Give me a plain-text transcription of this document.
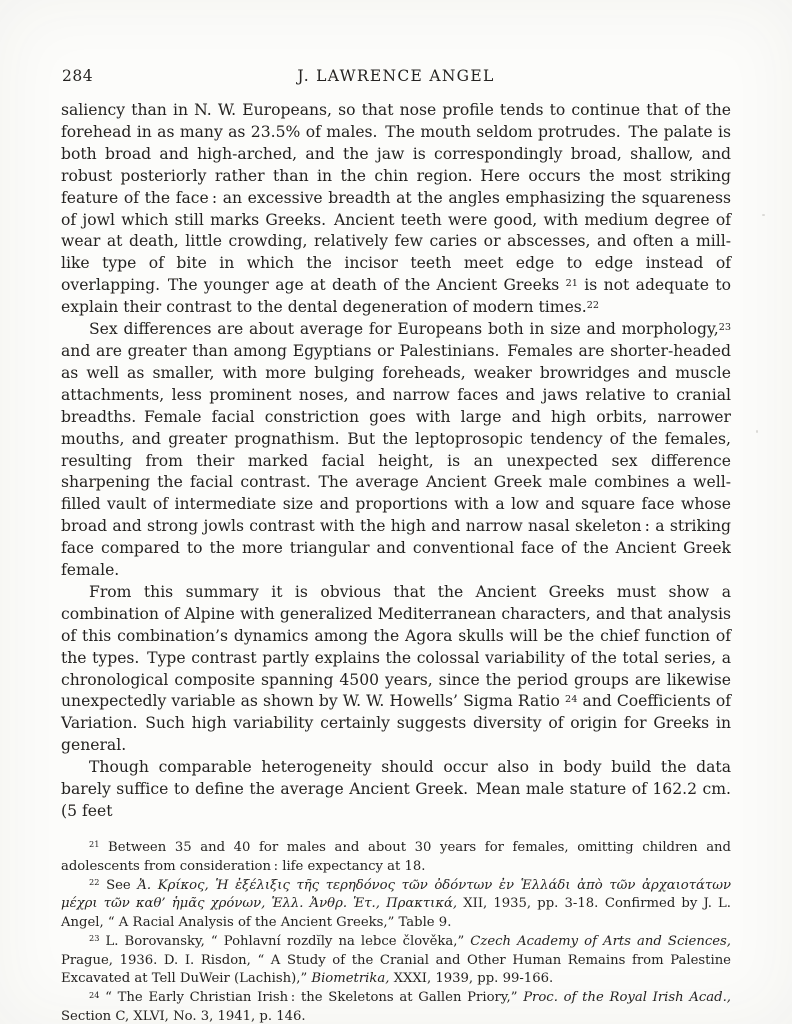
284	J. LAWRENCE ANGEL

saliency than in N. W. Europeans, so that nose profile tends to continue that of the forehead in as many as 23.5% of males. The mouth seldom protrudes. The palate is both broad and high-arched, and the jaw is correspondingly broad, shallow, and robust posteriorly rather than in the chin region. Here occurs the most striking feature of the face : an excessive breadth at the angles emphasizing the squareness of jowl which still marks Greeks. Ancient teeth were good, with medium degree of wear at death, little crowding, relatively few caries or abscesses, and often a mill-like type of bite in which the incisor teeth meet edge to edge instead of overlapping. The younger age at death of the Ancient Greeks $^{21}$ is not adequate to explain their contrast to the dental degeneration of modern times.$^{22}$

Sex differences are about average for Europeans both in size and morphology,$^{23}$ and are greater than among Egyptians or Palestinians. Females are shorter-headed as well as smaller, with more bulging foreheads, weaker browridges and muscle attachments, less prominent noses, and narrow faces and jaws relative to cranial breadths. Female facial constriction goes with large and high orbits, narrower mouths, and greater prognathism. But the leptoprosopic tendency of the females, resulting from their marked facial height, is an unexpected sex difference sharpening the facial contrast. The average Ancient Greek male combines a well-filled vault of intermediate size and proportions with a low and square face whose broad and strong jowls contrast with the high and narrow nasal skeleton : a striking face compared to the more triangular and conventional face of the Ancient Greek female.

From this summary it is obvious that the Ancient Greeks must show a combination of Alpine with generalized Mediterranean characters, and that analysis of this combination’s dynamics among the Agora skulls will be the chief function of the types. Type contrast partly explains the colossal variability of the total series, a chronological composite spanning 4500 years, since the period groups are likewise unexpectedly variable as shown by W. W. Howells’ Sigma Ratio $^{24}$ and Coefficients of Variation. Such high variability certainly suggests diversity of origin for Greeks in general.

Though comparable heterogeneity should occur also in body build the data barely suffice to define the average Ancient Greek. Mean male stature of 162.2 cm. (5 feet

$^{21}$ Between 35 and 40 for males and about 30 years for females, omitting children and adolescents from consideration : life expectancy at 18.

$^{22}$ See Ἀ. Κρίκος, Ἡ ἐξέλιξις τῆς τερηδόνος τῶν ὀδόντων ἐν Ἑλλάδι ἀπὸ τῶν ἀρχαιοτάτων μέχρι τῶν καθ’ ἡμᾶς χρόνων, Ἑλλ. Ἀνθρ. Ἑτ., Πρακτικά, XII, 1935, pp. 3-18. Confirmed by J. L. Angel, “ A Racial Analysis of the Ancient Greeks,” Table 9.

$^{23}$ L. Borovansky, “ Pohlavní rozdĭly na lebce člověka,” Czech Academy of Arts and Sciences, Prague, 1936. D. I. Risdon, “ A Study of the Cranial and Other Human Remains from Palestine Excavated at Tell DuWeir (Lachish),” Biometrika, XXXI, 1939, pp. 99-166.

$^{24}$ “ The Early Christian Irish : the Skeletons at Gallen Priory,” Proc. of the Royal Irish Acad., Section C, XLVI, No. 3, 1941, p. 146.
